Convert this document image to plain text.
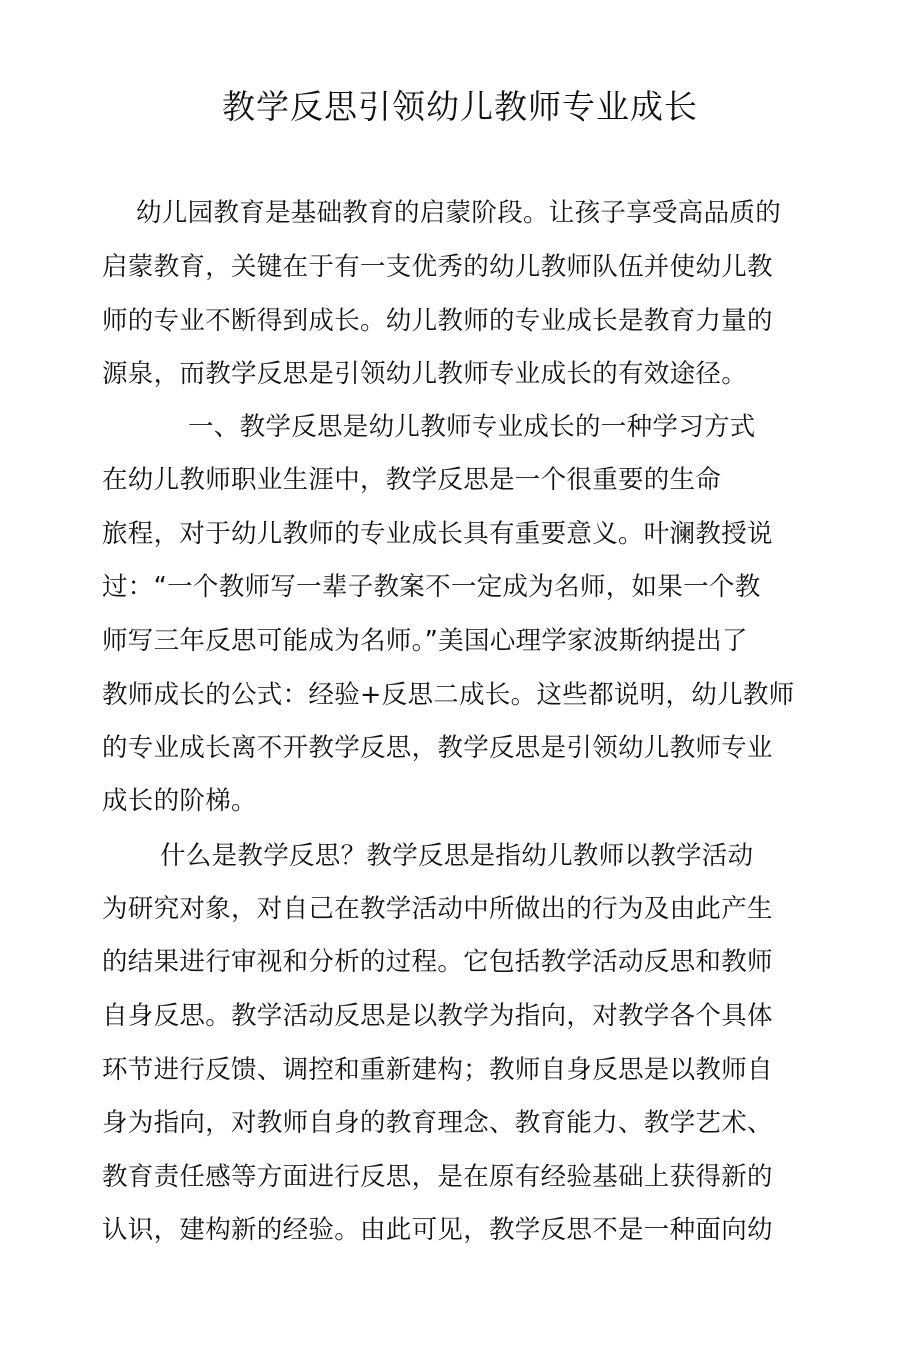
教学反思引领幼儿教师专业成长
幼儿园教育是基础教育的启蒙阶段。让孩子享受高品质的
启蒙教育，关键在于有一支优秀的幼儿教师队伍并使幼儿教
师的专业不断得到成长。幼儿教师的专业成长是教育力量的
源泉，而教学反思是引领幼儿教师专业成长的有效途径。
一、教学反思是幼儿教师专业成长的一种学习方式
在幼儿教师职业生涯中，教学反思是一个很重要的生命
旅程，对于幼儿教师的专业成长具有重要意义。叶澜教授说
过：“一个教师写一辈子教案不一定成为名师，如果一个教
师写三年反思可能成为名师。”美国心理学家波斯纳提出了
教师成长的公式：经验+反思二成长。这些都说明，幼儿教师
的专业成长离不开教学反思，教学反思是引领幼儿教师专业
成长的阶梯。
什么是教学反思？教学反思是指幼儿教师以教学活动
为研究对象，对自己在教学活动中所做出的行为及由此产生
的结果进行审视和分析的过程。它包括教学活动反思和教师
自身反思。教学活动反思是以教学为指向，对教学各个具体
环节进行反馈、调控和重新建构；教师自身反思是以教师自
身为指向，对教师自身的教育理念、教育能力、教学艺术、
教育责任感等方面进行反思，是在原有经验基础上获得新的
认识，建构新的经验。由此可见，教学反思不是一种面向幼
